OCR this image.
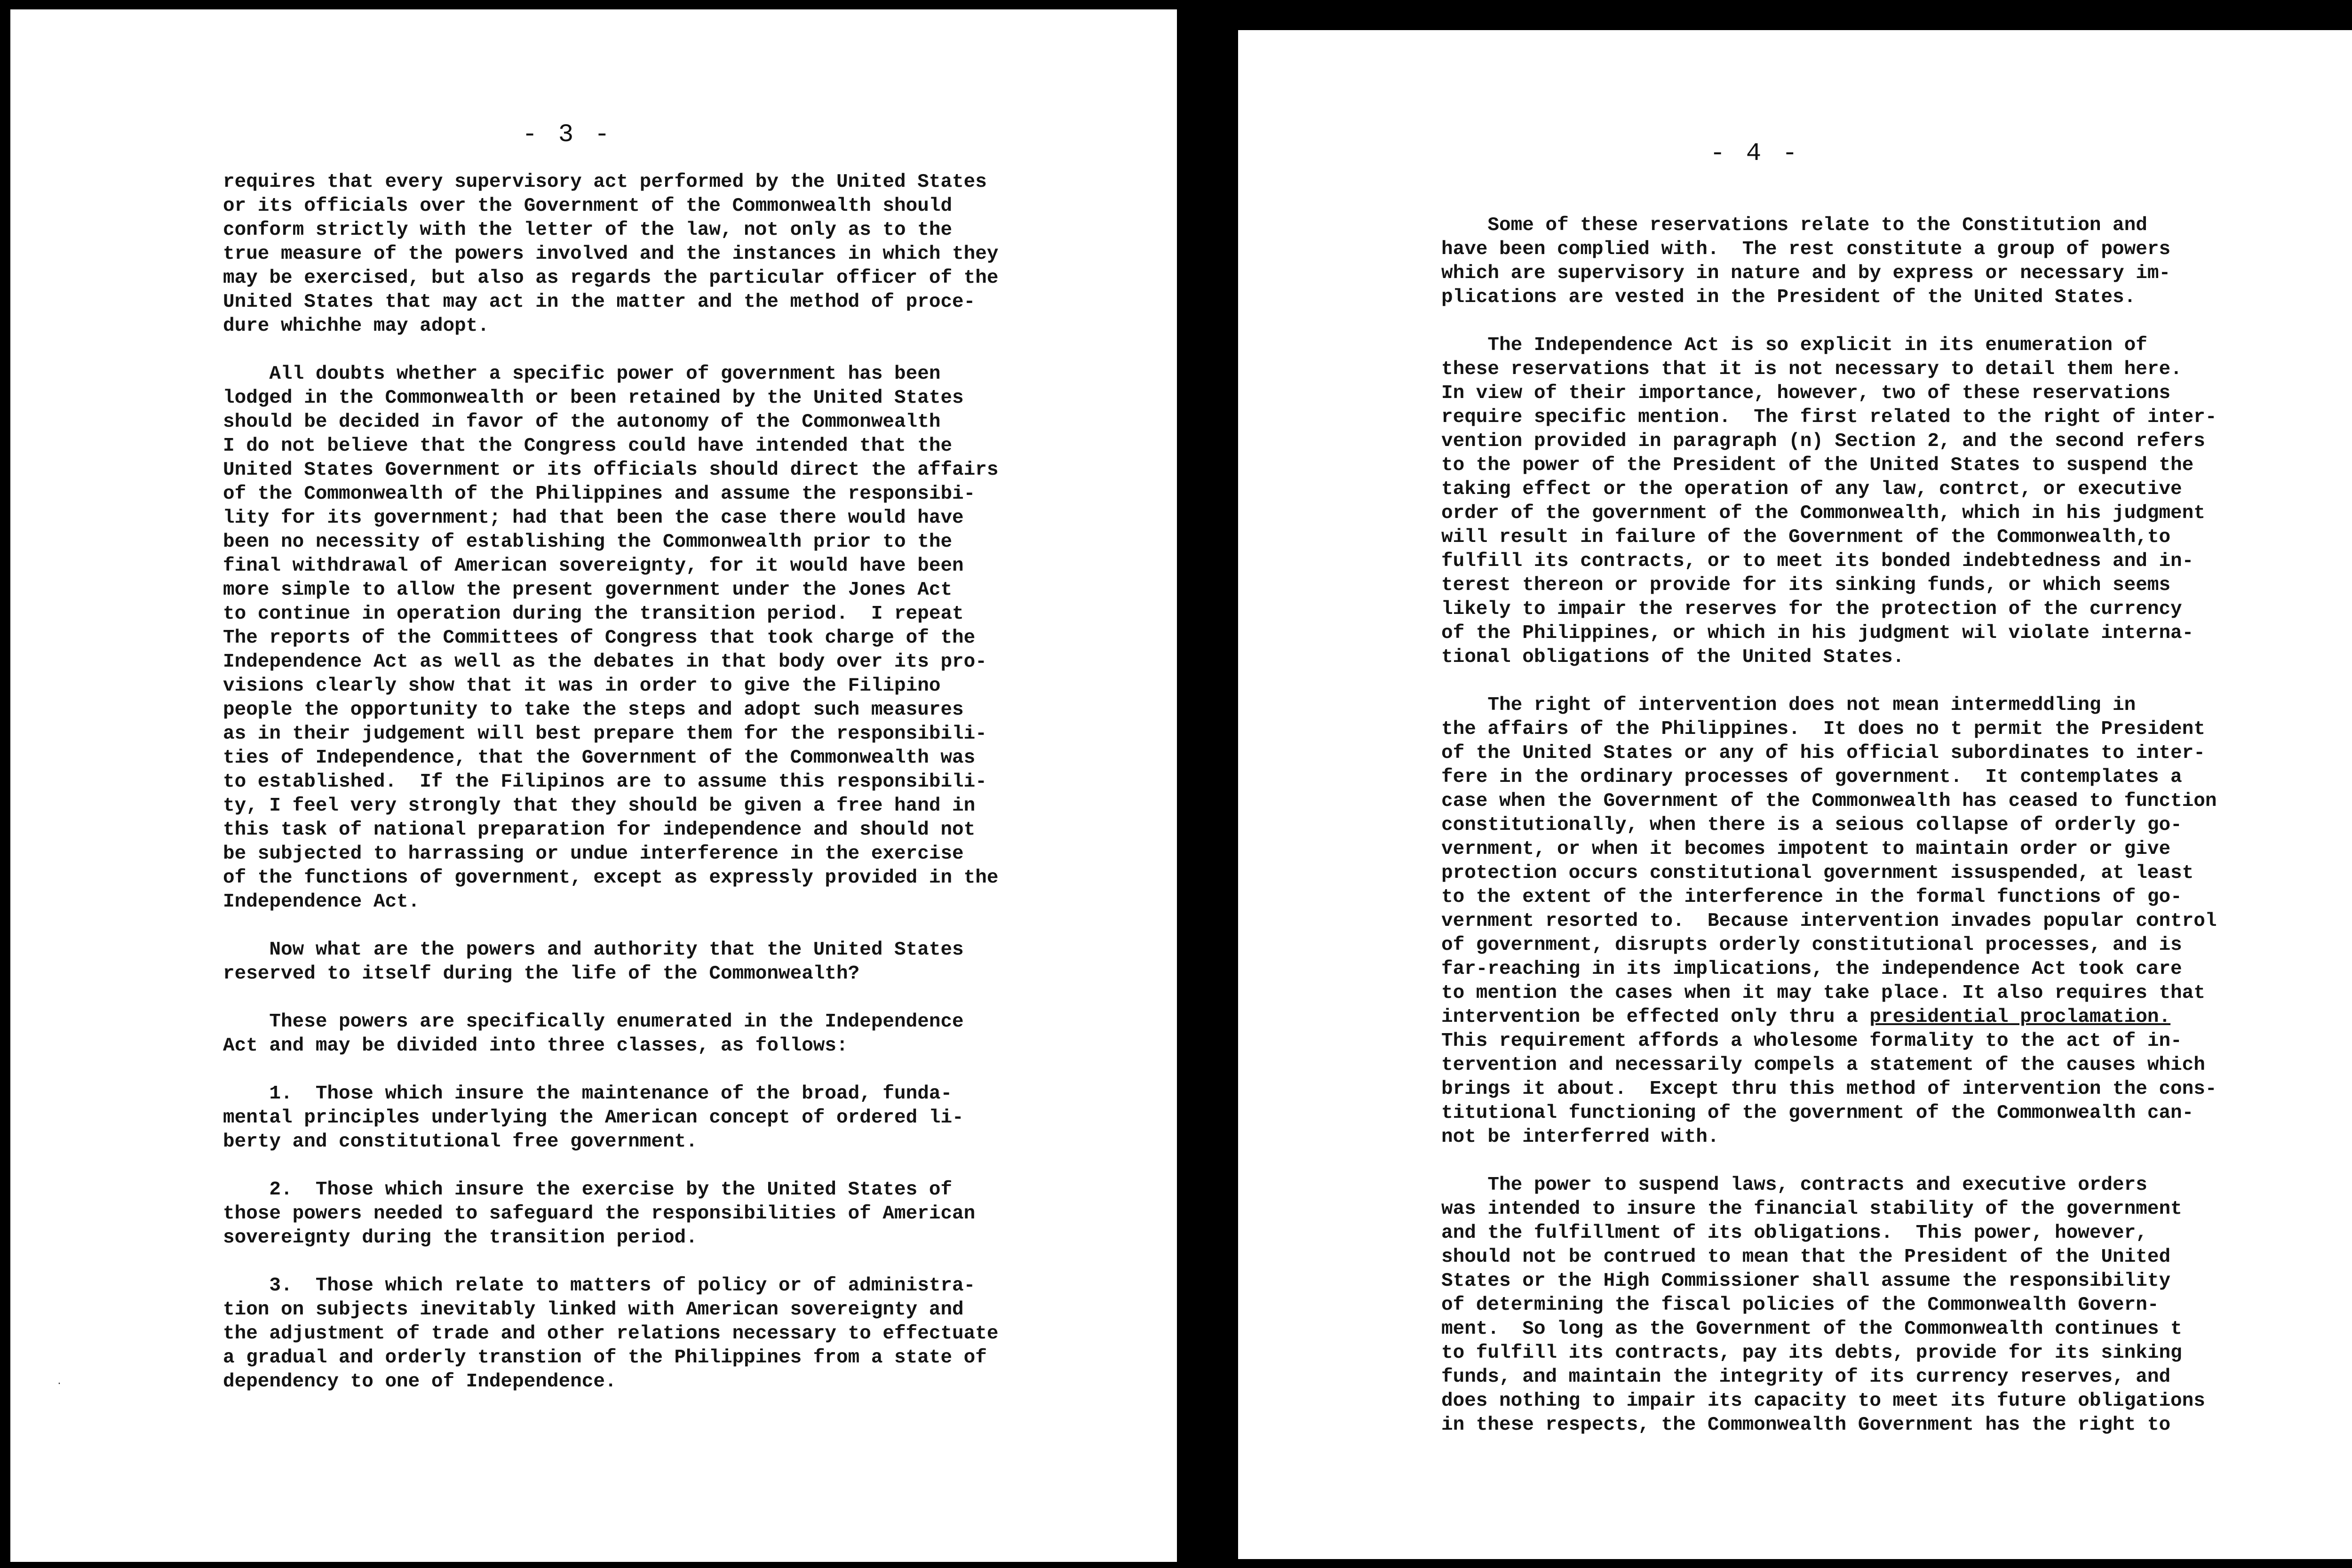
- 3 -
requires that every supervisory act performed by the United States
or its officials over the Government of the Commonwealth should
conform strictly with the letter of the law, not only as to the
true measure of the powers involved and the instances in which they
may be exercised, but also as regards the particular officer of the
United States that may act in the matter and the method of proce-
dure whichhe may adopt.
All doubts whether a specific power of government has been
lodged in the Commonwealth or been retained by the United States
should be decided in favor of the autonomy of the Commonwealth
I do not believe that the Congress could have intended that the
United States Government or its officials should direct the affairs
of the Commonwealth of the Philippines and assume the responsibi-
lity for its government; had that been the case there would have
been no necessity of establishing the Commonwealth prior to the
final withdrawal of American sovereignty, for it would have been
more simple to allow the present government under the Jones Act
to continue in operation during the transition period.  I repeat
The reports of the Committees of Congress that took charge of the
Independence Act as well as the debates in that body over its pro-
visions clearly show that it was in order to give the Filipino
people the opportunity to take the steps and adopt such measures
as in their judgement will best prepare them for the responsibili-
ties of Independence, that the Government of the Commonwealth was
to established.  If the Filipinos are to assume this responsibili-
ty, I feel very strongly that they should be given a free hand in
this task of national preparation for independence and should not
be subjected to harrassing or undue interference in the exercise
of the functions of government, except as expressly provided in the
Independence Act.
Now what are the powers and authority that the United States
reserved to itself during the life of the Commonwealth?
These powers are specifically enumerated in the Independence
Act and may be divided into three classes, as follows:
1.  Those which insure the maintenance of the broad, funda-
mental principles underlying the American concept of ordered li-
berty and constitutional free government.
2.  Those which insure the exercise by the United States of
those powers needed to safeguard the responsibilities of American
sovereignty during the transition period.
3.  Those which relate to matters of policy or of administra-
tion on subjects inevitably linked with American sovereignty and
the adjustment of trade and other relations necessary to effectuate
a gradual and orderly transtion of the Philippines from a state of
dependency to one of Independence.
·
- 4 -
Some of these reservations relate to the Constitution and
have been complied with.  The rest constitute a group of powers
which are supervisory in nature and by express or necessary im-
plications are vested in the President of the United States.
The Independence Act is so explicit in its enumeration of
these reservations that it is not necessary to detail them here.
In view of their importance, however, two of these reservations
require specific mention.  The first related to the right of inter-
vention provided in paragraph (n) Section 2, and the second refers
to the power of the President of the United States to suspend the
taking effect or the operation of any law, contrct, or executive
order of the government of the Commonwealth, which in his judgment
will result in failure of the Government of the Commonwealth,to
fulfill its contracts, or to meet its bonded indebtedness and in-
terest thereon or provide for its sinking funds, or which seems
likely to impair the reserves for the protection of the currency
of the Philippines, or which in his judgment wil violate interna-
tional obligations of the United States.
The right of intervention does not mean intermeddling in
the affairs of the Philippines.  It does no t permit the President
of the United States or any of his official subordinates to inter-
fere in the ordinary processes of government.  It contemplates a
case when the Government of the Commonwealth has ceased to function
constitutionally, when there is a seious collapse of orderly go-
vernment, or when it becomes impotent to maintain order or give
protection occurs constitutional government issuspended, at least
to the extent of the interference in the formal functions of go-
vernment resorted to.  Because intervention invades popular control
of government, disrupts orderly constitutional processes, and is
far-reaching in its implications, the independence Act took care
to mention the cases when it may take place. It also requires that
intervention be effected only thru a presidential proclamation.
This requirement affords a wholesome formality to the act of in-
tervention and necessarily compels a statement of the causes which
brings it about.  Except thru this method of intervention the cons-
titutional functioning of the government of the Commonwealth can-
not be interferred with.
The power to suspend laws, contracts and executive orders
was intended to insure the financial stability of the government
and the fulfillment of its obligations.  This power, however,
should not be contrued to mean that the President of the United
States or the High Commissioner shall assume the responsibility
of determining the fiscal policies of the Commonwealth Govern-
ment.  So long as the Government of the Commonwealth continues t
to fulfill its contracts, pay its debts, provide for its sinking
funds, and maintain the integrity of its currency reserves, and
does nothing to impair its capacity to meet its future obligations
in these respects, the Commonwealth Government has the right to
